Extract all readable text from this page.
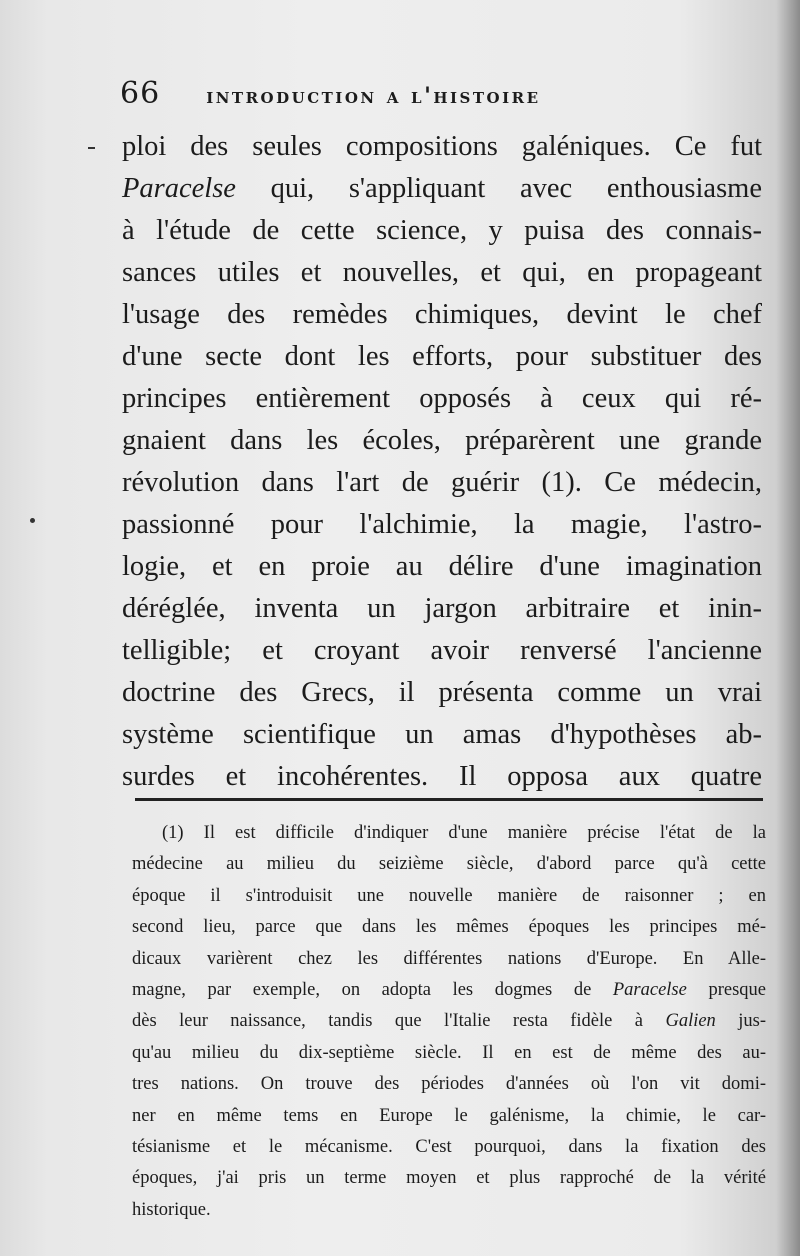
66 introduction a l'histoire
ploi des seules compositions galéniques. Ce fut
Paracelse qui, s'appliquant avec enthousiasme
à l'étude de cette science, y puisa des connais-
sances utiles et nouvelles, et qui, en propageant
l'usage des remèdes chimiques, devint le chef
d'une secte dont les efforts, pour substituer des
principes entièrement opposés à ceux qui ré-
gnaient dans les écoles, préparèrent une grande
révolution dans l'art de guérir (1). Ce médecin,
passionné pour l'alchimie, la magie, l'astro-
logie, et en proie au délire d'une imagination
déréglée, inventa un jargon arbitraire et inin-
telligible; et croyant avoir renversé l'ancienne
doctrine des Grecs, il présenta comme un vrai
système scientifique un amas d'hypothèses ab-
surdes et incohérentes. Il opposa aux quatre
(1) Il est difficile d'indiquer d'une manière précise l'état de la
médecine au milieu du seizième siècle, d'abord parce qu'à cette
époque il s'introduisit une nouvelle manière de raisonner ; en
second lieu, parce que dans les mêmes époques les principes mé-
dicaux varièrent chez les différentes nations d'Europe. En Alle-
magne, par exemple, on adopta les dogmes de Paracelse presque
dès leur naissance, tandis que l'Italie resta fidèle à Galien jus-
qu'au milieu du dix-septième siècle. Il en est de même des au-
tres nations. On trouve des périodes d'années où l'on vit domi-
ner en même tems en Europe le galénisme, la chimie, le car-
tésianisme et le mécanisme. C'est pourquoi, dans la fixation des
époques, j'ai pris un terme moyen et plus rapproché de la vérité
historique.
